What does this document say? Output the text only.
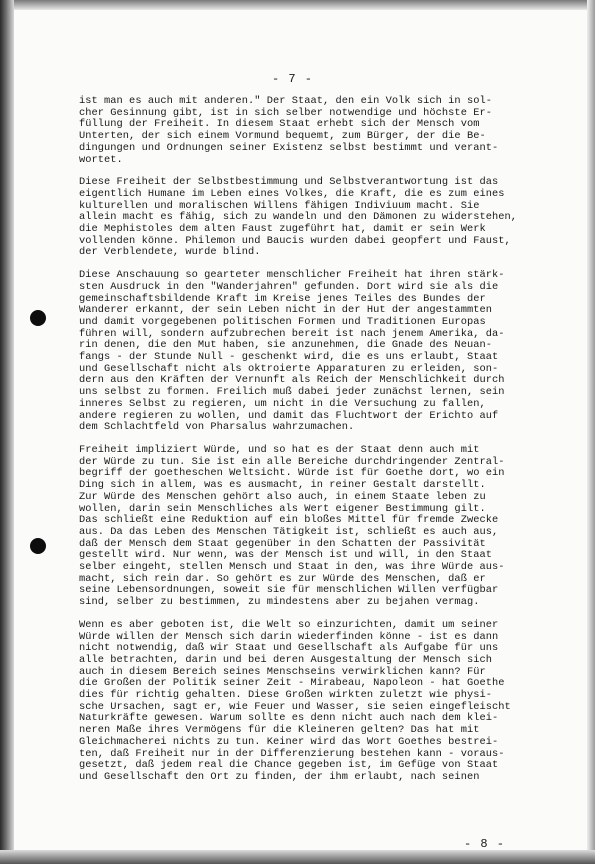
- 7 -
ist man es auch mit anderen." Der Staat, den ein Volk sich in sol-
cher Gesinnung gibt, ist in sich selber notwendige und höchste Er-
füllung der Freiheit. In diesem Staat erhebt sich der Mensch vom
Unterten, der sich einem Vormund bequemt, zum Bürger, der die Be-
dingungen und Ordnungen seiner Existenz selbst bestimmt und verant-
wortet.
Diese Freiheit der Selbstbestimmung und Selbstverantwortung ist das
eigentlich Humane im Leben eines Volkes, die Kraft, die es zum eines
kulturellen und moralischen Willens fähigen Indiviuum macht. Sie
allein macht es fähig, sich zu wandeln und den Dämonen zu widerstehen,
die Mephistoles dem alten Faust zugeführt hat, damit er sein Werk
vollenden könne. Philemon und Baucis wurden dabei geopfert und Faust,
der Verblendete, wurde blind.
Diese Anschauung so gearteter menschlicher Freiheit hat ihren stärk-
sten Ausdruck in den "Wanderjahren" gefunden. Dort wird sie als die
gemeinschaftsbildende Kraft im Kreise jenes Teiles des Bundes der
Wanderer erkannt, der sein Leben nicht in der Hut der angestammten
und damit vorgegebenen politischen Formen und Traditionen Europas
führen will, sondern aufzubrechen bereit ist nach jenem Amerika, da-
rin denen, die den Mut haben, sie anzunehmen, die Gnade des Neuan-
fangs - der Stunde Null - geschenkt wird, die es uns erlaubt, Staat
und Gesellschaft nicht als oktroierte Apparaturen zu erleiden, son-
dern aus den Kräften der Vernunft als Reich der Menschlichkeit durch
uns selbst zu formen. Freilich muß dabei jeder zunächst lernen, sein
inneres Selbst zu regieren, um nicht in die Versuchung zu fallen,
andere regieren zu wollen, und damit das Fluchtwort der Erichto auf
dem Schlachtfeld von Pharsalus wahrzumachen.
Freiheit impliziert Würde, und so hat es der Staat denn auch mit
der Würde zu tun. Sie ist ein alle Bereiche durchdringender Zentral-
begriff der goetheschen Weltsicht. Würde ist für Goethe dort, wo ein
Ding sich in allem, was es ausmacht, in reiner Gestalt darstellt.
Zur Würde des Menschen gehört also auch, in einem Staate leben zu
wollen, darin sein Menschliches als Wert eigener Bestimmung gilt.
Das schließt eine Reduktion auf ein bloßes Mittel für fremde Zwecke
aus. Da das Leben des Menschen Tätigkeit ist, schließt es auch aus,
daß der Mensch dem Staat gegenüber in den Schatten der Passivität
gestellt wird. Nur wenn, was der Mensch ist und will, in den Staat
selber eingeht, stellen Mensch und Staat in den, was ihre Würde aus-
macht, sich rein dar. So gehört es zur Würde des Menschen, daß er
seine Lebensordnungen, soweit sie für menschlichen Willen verfügbar
sind, selber zu bestimmen, zu mindestens aber zu bejahen vermag.
Wenn es aber geboten ist, die Welt so einzurichten, damit um seiner
Würde willen der Mensch sich darin wiederfinden könne - ist es dann
nicht notwendig, daß wir Staat und Gesellschaft als Aufgabe für uns
alle betrachten, darin und bei deren Ausgestaltung der Mensch sich
auch in diesem Bereich seines Menschseins verwirklichen kann? Für
die Großen der Politik seiner Zeit - Mirabeau, Napoleon - hat Goethe
dies für richtig gehalten. Diese Großen wirkten zuletzt wie physi-
sche Ursachen, sagt er, wie Feuer und Wasser, sie seien eingefleischt
Naturkräfte gewesen. Warum sollte es denn nicht auch nach dem klei-
neren Maße ihres Vermögens für die Kleineren gelten? Das hat mit
Gleichmacherei nichts zu tun. Keiner wird das Wort Goethes bestrei-
ten, daß Freiheit nur in der Differenzierung bestehen kann - voraus-
gesetzt, daß jedem real die Chance gegeben ist, im Gefüge von Staat
und Gesellschaft den Ort zu finden, der ihm erlaubt, nach seinen
- 8 -
